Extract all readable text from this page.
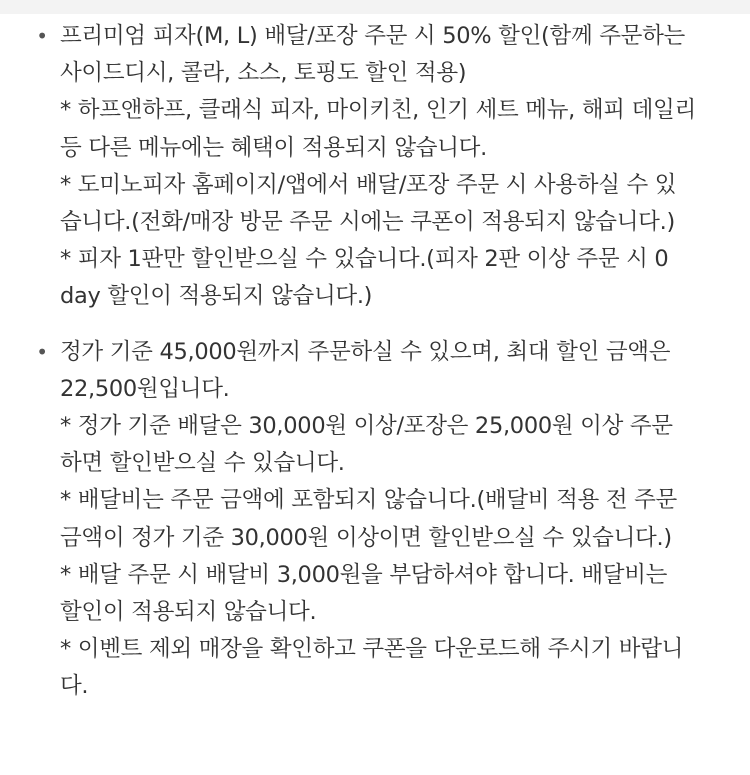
• 프리미엄 피자(M, L) 배달/포장 주문 시 50% 할인(함께 주문하는
사이드디시, 콜라, 소스, 토핑도 할인 적용)
* 하프앤하프, 클래식 피자, 마이키친, 인기 세트 메뉴, 해피 데일리
등 다른 메뉴에는 혜택이 적용되지 않습니다.
* 도미노피자 홈페이지/앱에서 배달/포장 주문 시 사용하실 수 있
습니다.(전화/매장 방문 주문 시에는 쿠폰이 적용되지 않습니다.)
* 피자 1판만 할인받으실 수 있습니다.(피자 2판 이상 주문 시 0
day 할인이 적용되지 않습니다.)
• 정가 기준 45,000원까지 주문하실 수 있으며, 최대 할인 금액은
22,500원입니다.
* 정가 기준 배달은 30,000원 이상/포장은 25,000원 이상 주문
하면 할인받으실 수 있습니다.
* 배달비는 주문 금액에 포함되지 않습니다.(배달비 적용 전 주문
금액이 정가 기준 30,000원 이상이면 할인받으실 수 있습니다.)
* 배달 주문 시 배달비 3,000원을 부담하셔야 합니다. 배달비는
할인이 적용되지 않습니다.
* 이벤트 제외 매장을 확인하고 쿠폰을 다운로드해 주시기 바랍니
다.
